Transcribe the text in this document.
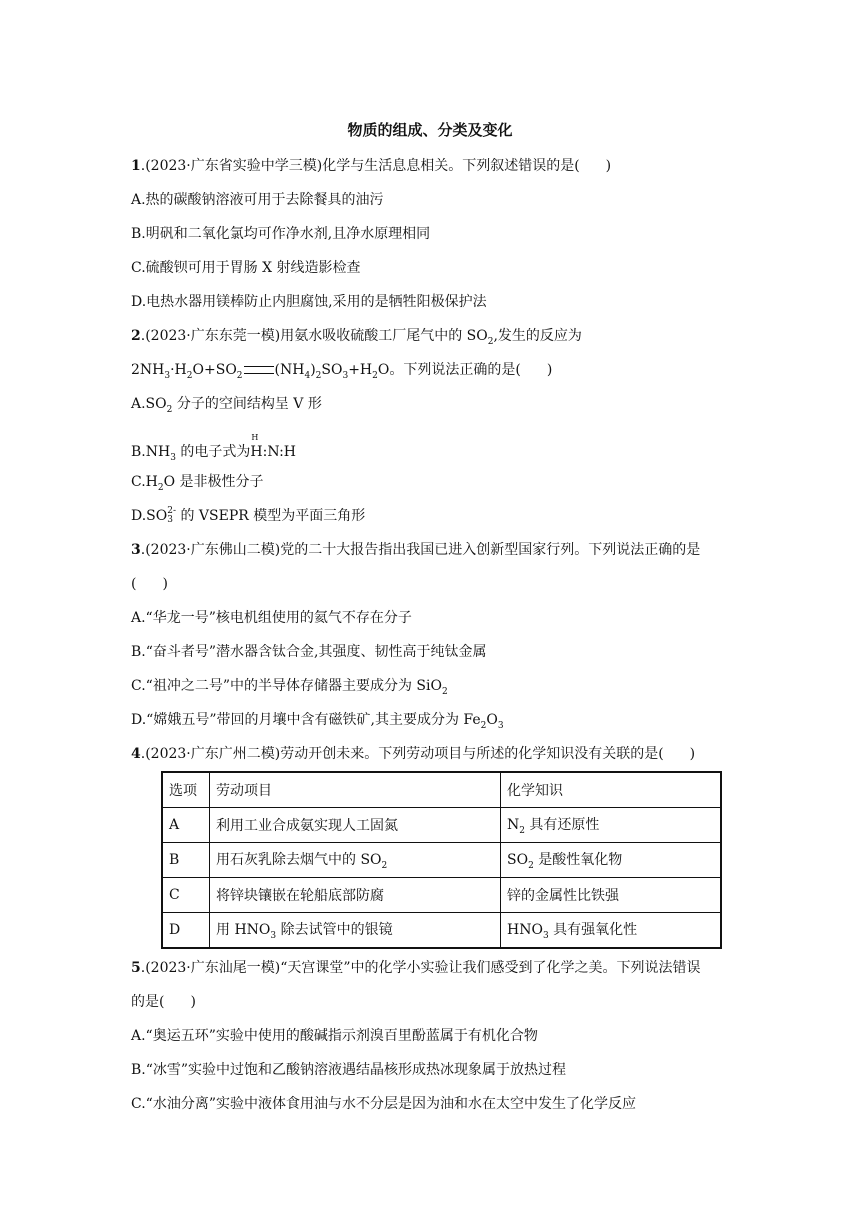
物质的组成、分类及变化
1.(2023·广东省实验中学三模)化学与生活息息相关。下列叙述错误的是( )
A.热的碳酸钠溶液可用于去除餐具的油污
B.明矾和二氧化氯均可作净水剂,且净水原理相同
C.硫酸钡可用于胃肠 X 射线造影检查
D.电热水器用镁棒防止内胆腐蚀,采用的是牺牲阳极保护法
2.(2023·广东东莞一模)用氨水吸收硫酸工厂尾气中的 $SO_2$,发生的反应为
$2NH_3\cdot H_2O+SO_2$ $(NH_4)_2SO_3+H_2O$。下列说法正确的是( )
$A.SO_2$ 分子的空间结构呈 V 形
$B.NH_3$ 的电子式为
H
H:N:H
$C.H_2O$ 是非极性分子
D.SO 2-
3 的 VSEPR 模型为平面三角形
3.(2023·广东佛山二模)党的二十大报告指出我国已进入创新型国家行列。下列说法正确的是
( )
A.“华龙一号”核电机组使用的氦气不存在分子
B.“奋斗者号”潜水器含钛合金,其强度、韧性高于纯钛金属
C.“祖冲之二号”中的半导体存储器主要成分为 SiO$_2$
D.“嫦娥五号”带回的月壤中含有磁铁矿,其主要成分为 $Fe_2O_3$
4.(2023·广东广州二模)劳动开创未来。下列劳动项目与所述的化学知识没有关联的是( )
选项	劳动项目	化学知识
A	利用工业合成氨实现人工固氮	$N_2$ 具有还原性
B	用石灰乳除去烟气中的 $SO_2$	$SO_2$ 是酸性氧化物
C	将锌块镶嵌在轮船底部防腐	锌的金属性比铁强
D	用 $HNO_3$ 除去试管中的银镜	$HNO_3$ 具有强氧化性
5.(2023·广东汕尾一模)“天宫课堂”中的化学小实验让我们感受到了化学之美。下列说法错误
的是( )
A.“奥运五环”实验中使用的酸碱指示剂溴百里酚蓝属于有机化合物
B.“冰雪”实验中过饱和乙酸钠溶液遇结晶核形成热冰现象属于放热过程
C.“水油分离”实验中液体食用油与水不分层是因为油和水在太空中发生了化学反应
